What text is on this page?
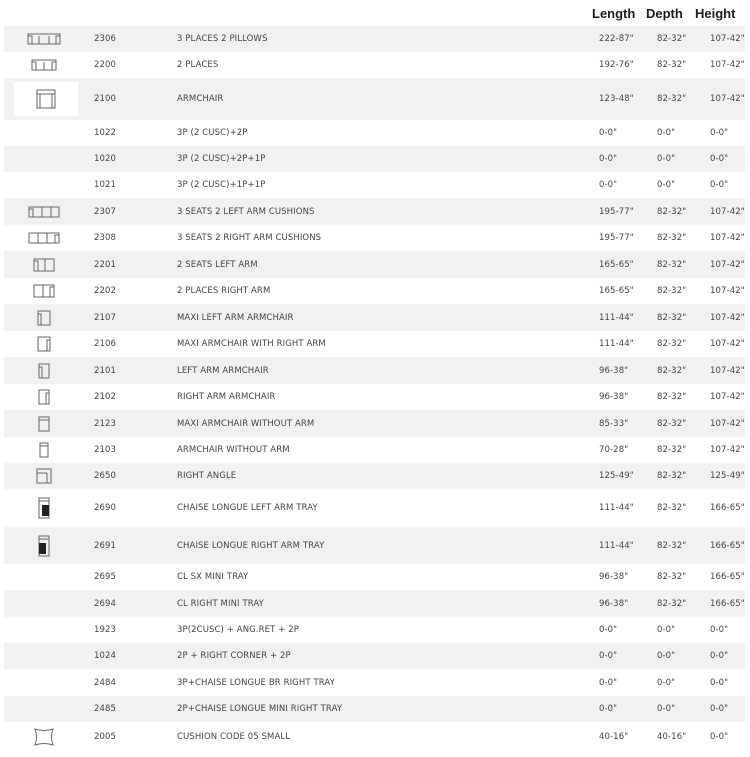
Length Depth Height
2306	3 PLACES 2 PILLOWS	222-87"	82-32"	107-42"
2200	2 PLACES	192-76"	82-32"	107-42"
2100	ARMCHAIR	123-48"	82-32"	107-42"
1022	3P (2 CUSC)+2P	0-0"	0-0"	0-0"
1020	3P (2 CUSC)+2P+1P	0-0"	0-0"	0-0"
1021	3P (2 CUSC)+1P+1P	0-0"	0-0"	0-0"
2307	3 SEATS 2 LEFT ARM CUSHIONS	195-77"	82-32"	107-42"
2308	3 SEATS 2 RIGHT ARM CUSHIONS	195-77"	82-32"	107-42"
2201	2 SEATS LEFT ARM	165-65"	82-32"	107-42"
2202	2 PLACES RIGHT ARM	165-65"	82-32"	107-42"
2107	MAXI LEFT ARM ARMCHAIR	111-44"	82-32"	107-42"
2106	MAXI ARMCHAIR WITH RIGHT ARM	111-44"	82-32"	107-42"
2101	LEFT ARM ARMCHAIR	96-38"	82-32"	107-42"
2102	RIGHT ARM ARMCHAIR	96-38"	82-32"	107-42"
2123	MAXI ARMCHAIR WITHOUT ARM	85-33"	82-32"	107-42"
2103	ARMCHAIR WITHOUT ARM	70-28"	82-32"	107-42"
2650	RIGHT ANGLE	125-49"	82-32"	125-49"
2690	CHAISE LONGUE LEFT ARM TRAY	111-44"	82-32"	166-65"
2691	CHAISE LONGUE RIGHT ARM TRAY	111-44"	82-32"	166-65"
2695	CL SX MINI TRAY	96-38"	82-32"	166-65"
2694	CL RIGHT MINI TRAY	96-38"	82-32"	166-65"
1923	3P(2CUSC) + ANG.RET + 2P	0-0"	0-0"	0-0"
1024	2P + RIGHT CORNER + 2P	0-0"	0-0"	0-0"
2484	3P+CHAISE LONGUE BR RIGHT TRAY	0-0"	0-0"	0-0"
2485	2P+CHAISE LONGUE MINI RIGHT TRAY	0-0"	0-0"	0-0"
2005	CUSHION CODE 05 SMALL	40-16"	40-16"	0-0"
